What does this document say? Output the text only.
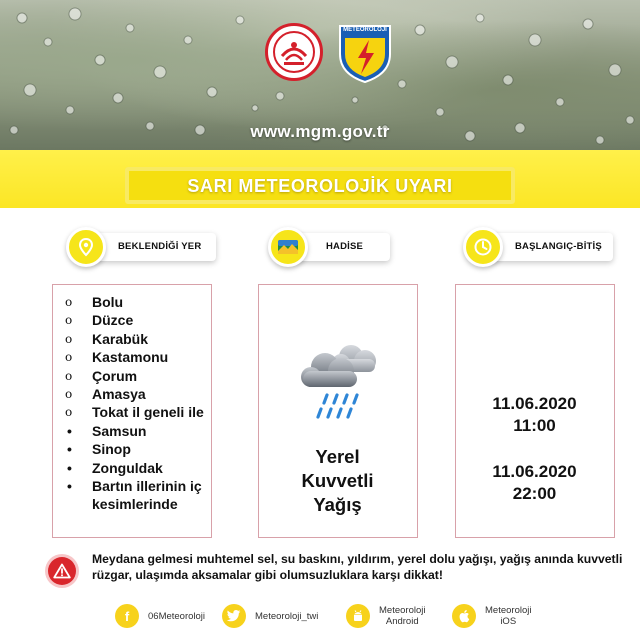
METEOROLOJİ
www.mgm.gov.tr
SARI METEOROLOJİK UYARI
BEKLENDİĞİ YER	HADİSE	BAŞLANGIÇ-BİTİŞ
o	Bolu
o	Düzce
o	Karabük
o	Kastamonu
o	Çorum
o	Amasya
o	Tokat il geneli ile
•	Samsun
•	Sinop
•	Zonguldak
•	Bartın illerinin iç kesimlerinde
Yerel
Kuvvetli
Yağış
11.06.2020
11:00
11.06.2020
22:00
Meydana gelmesi muhtemel sel, su baskını, yıldırım, yerel dolu yağışı, yağış anında kuvvetli rüzgar, ulaşımda aksamalar gibi olumsuzluklara karşı dikkat!
f	06Meteoroloji	Meteoroloji_twi	Meteoroloji
Android
Meteoroloji
iOS
